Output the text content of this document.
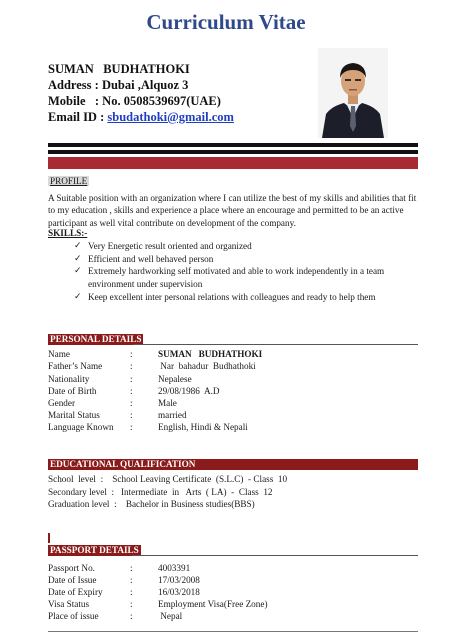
Curriculum Vitae
SUMAN   BUDHATHOKI
Address : Dubai ,Alquoz 3
Mobile   : No. 0508539697(UAE)
Email ID : sbudathoki@gmail.com
PROFILE
A Suitable position with an organization where I can utilize the best of my skills and abilities that fit to my education , skills and experience a place where an encourage and permitted to be an active participant as well vital contribute on development of the company.
SKILLS:-
✓ Very Energetic result oriented and organized
✓ Efficient and well behaved person
✓ Extremely hardworking self motivated and able to work independently in a team environment under supervision
✓ Keep excellent inter personal relations with colleagues and ready to help them
PERSONAL DETAILS
Name	:	SUMAN   BUDHATHOKI
Father’s Name	:	Nar  bahadur  Budhathoki
Nationality	:	Nepalese
Date of Birth	:	29/08/1986  A.D
Gender	:	Male
Marital Status	:	married
Language Known :	English, Hindi & Nepali
EDUCATIONAL QUALIFICATION
School  level  :    School Leaving Certificate  (S.L.C)  - Class  10
Secondary level  :   Intermediate  in   Arts  ( LA)  -  Class  12
Graduation level  :    Bachelor in Business studies(BBS)
PASSPORT DETAILS
Passport No.	:	4003391
Date of Issue	:	17/03/2008
Date of Expiry	:	16/03/2018
Visa Status	:	Employment Visa(Free Zone)
Place of issue	:	Nepal
